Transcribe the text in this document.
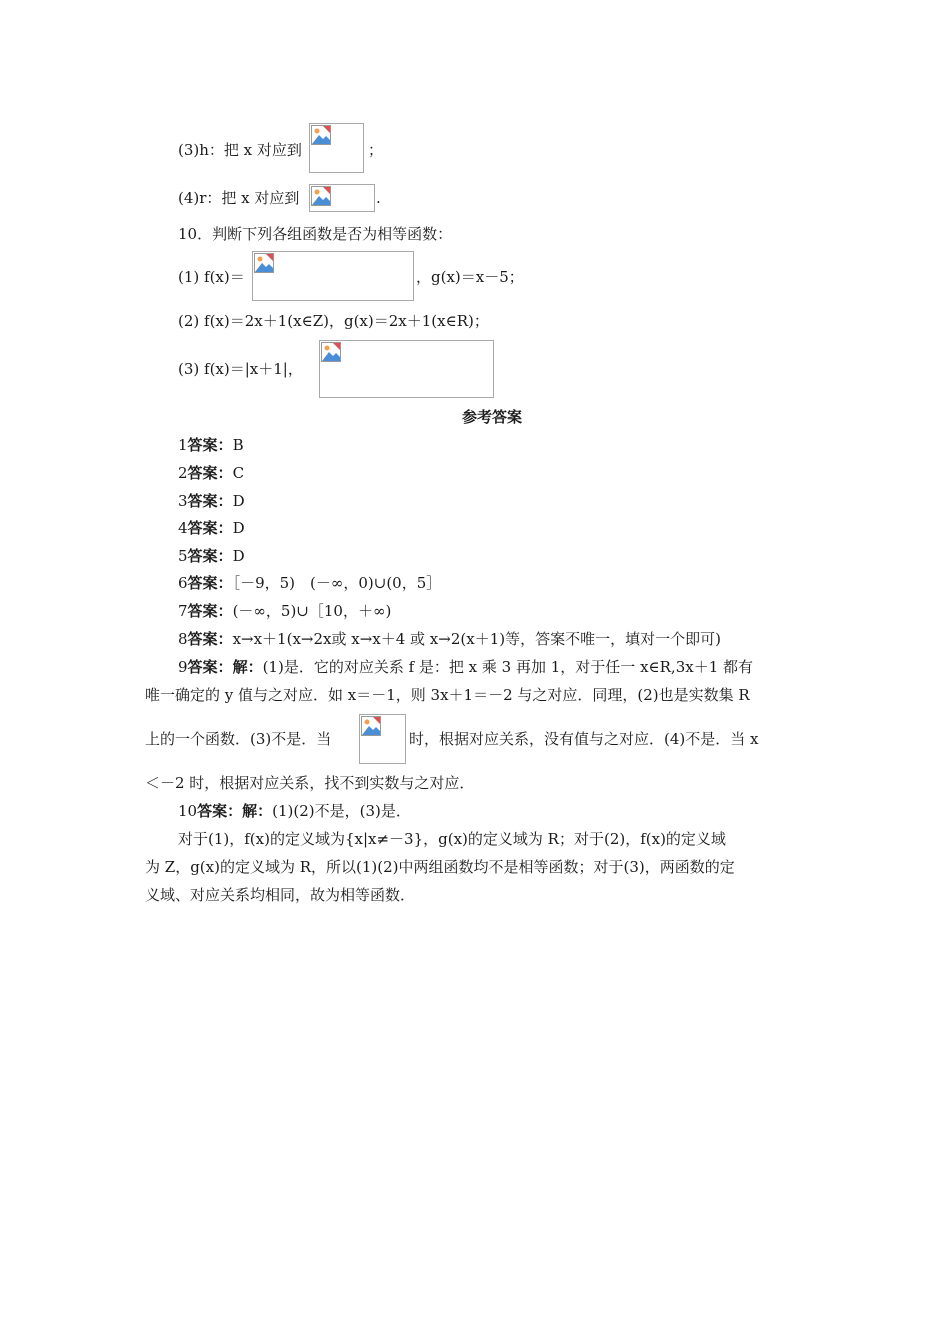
(3)h：把 x 对应到	；
(4)r：把 x 对应到	.
10．判断下列各组函数是否为相等函数：
(1) f(x)＝	，g(x)＝x－5；
(2) f(x)＝2x＋1(x∈Z)，g(x)＝2x＋1(x∈R)；
(3) f(x)＝|x＋1|，
参考答案
1答案：B
2答案：C
3答案：D
4答案：D
5答案：D
6答案：［－9，5)　(－∞，0)∪(0，5］
7答案：(－∞，5)∪［10，＋∞)
8答案：x→x＋1(x→2x或 x→x＋4 或 x→2(x＋1)等，答案不唯一，填对一个即可)
9答案：解：(1)是．它的对应关系 f 是：把 x 乘 3 再加 1，对于任一 x∈R,3x＋1 都有
唯一确定的 y 值与之对应．如 x＝－1，则 3x＋1＝－2 与之对应．同理，(2)也是实数集 R
上的一个函数．(3)不是．当	时，根据对应关系，没有值与之对应．(4)不是．当 x
＜－2 时，根据对应关系，找不到实数与之对应．
10答案：解：(1)(2)不是，(3)是．
对于(1)，f(x)的定义域为{x|x≠－3}，g(x)的定义域为 R；对于(2)，f(x)的定义域
为 Z，g(x)的定义域为 R，所以(1)(2)中两组函数均不是相等函数；对于(3)，两函数的定
义域、对应关系均相同，故为相等函数．
